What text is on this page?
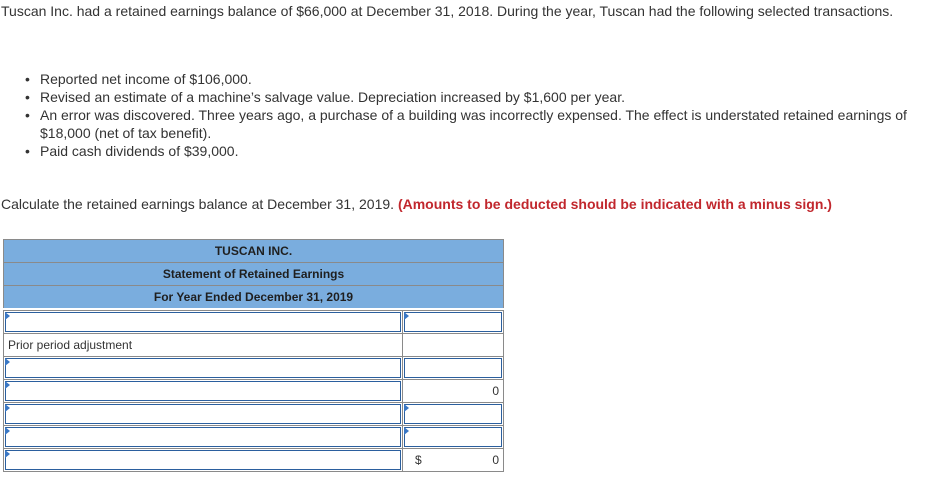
Tuscan Inc. had a retained earnings balance of $66,000 at December 31, 2018. During the year, Tuscan had the following selected transactions.
• Reported net income of $106,000.
• Revised an estimate of a machine’s salvage value. Depreciation increased by $1,600 per year.
• An error was discovered. Three years ago, a purchase of a building was incorrectly expensed. The effect is understated retained earnings of $18,000 (net of tax benefit).
• Paid cash dividends of $39,000.
Calculate the retained earnings balance at December 31, 2019. (Amounts to be deducted should be indicated with a minus sign.)
TUSCAN INC.
Statement of Retained Earnings
For Year Ended December 31, 2019
Prior period adjustment
0
$	0
